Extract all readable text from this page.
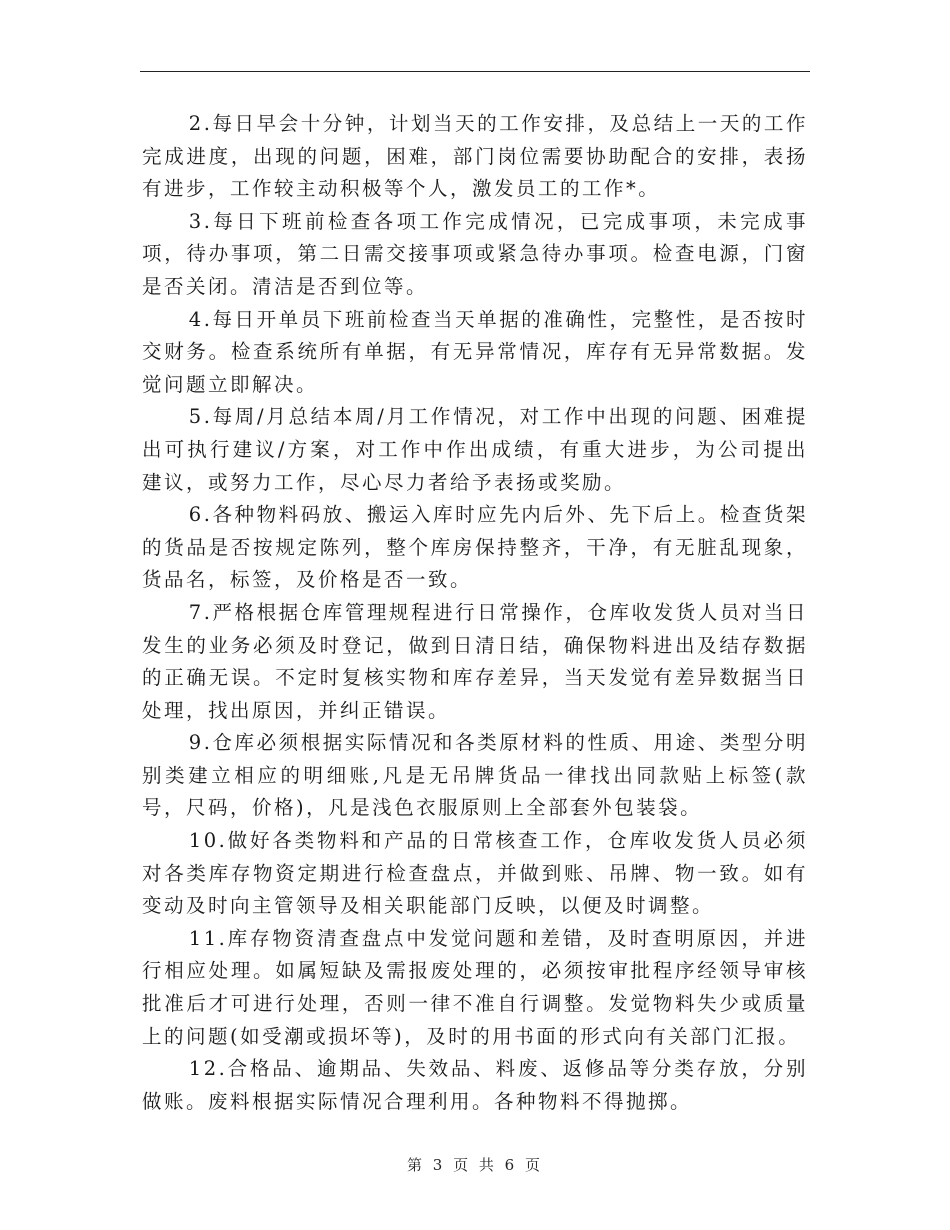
2.每日早会十分钟，计划当天的工作安排，及总结上一天的工作完成进度，出现的问题，困难，部门岗位需要协助配合的安排，表扬有进步，工作较主动积极等个人，激发员工的工作*。

3.每日下班前检查各项工作完成情况，已完成事项，未完成事项，待办事项，第二日需交接事项或紧急待办事项。检查电源，门窗是否关闭。清洁是否到位等。

4.每日开单员下班前检查当天单据的准确性，完整性，是否按时交财务。检查系统所有单据，有无异常情况，库存有无异常数据。发觉问题立即解决。

5.每周/月总结本周/月工作情况，对工作中出现的问题、困难提出可执行建议/方案，对工作中作出成绩，有重大进步，为公司提出建议，或努力工作，尽心尽力者给予表扬或奖励。

6.各种物料码放、搬运入库时应先内后外、先下后上。检查货架的货品是否按规定陈列，整个库房保持整齐，干净，有无脏乱现象，货品名，标签，及价格是否一致。

7.严格根据仓库管理规程进行日常操作，仓库收发货人员对当日发生的业务必须及时登记，做到日清日结，确保物料进出及结存数据的正确无误。不定时复核实物和库存差异，当天发觉有差异数据当日处理，找出原因，并纠正错误。

9.仓库必须根据实际情况和各类原材料的性质、用途、类型分明别类建立相应的明细账,凡是无吊牌货品一律找出同款贴上标签(款号，尺码，价格)，凡是浅色衣服原则上全部套外包装袋。

10.做好各类物料和产品的日常核查工作，仓库收发货人员必须对各类库存物资定期进行检查盘点，并做到账、吊牌、物一致。如有变动及时向主管领导及相关职能部门反映，以便及时调整。

11.库存物资清查盘点中发觉问题和差错，及时查明原因，并进行相应处理。如属短缺及需报废处理的，必须按审批程序经领导审核批准后才可进行处理，否则一律不准自行调整。发觉物料失少或质量上的问题(如受潮或损坏等)，及时的用书面的形式向有关部门汇报。

12.合格品、逾期品、失效品、料废、返修品等分类存放，分别做账。废料根据实际情况合理利用。各种物料不得抛掷。

第 3 页 共 6 页
